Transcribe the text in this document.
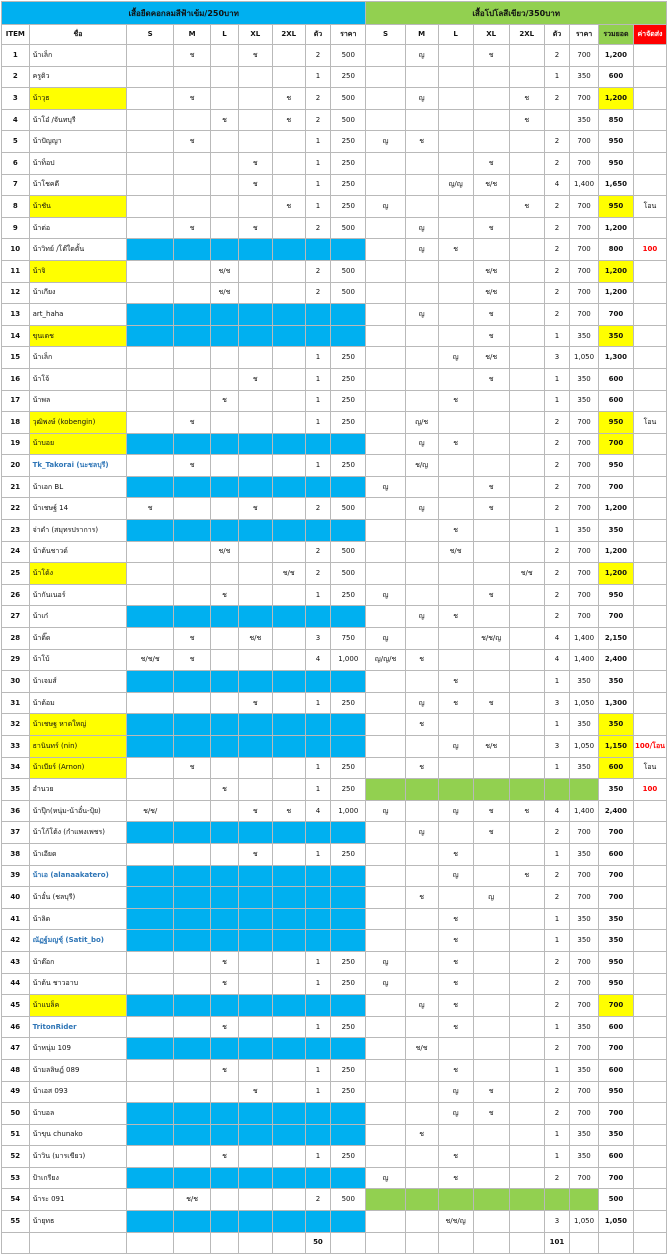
เสื้อยืดคอกลมสีฟ้าเข้ม/250บาท									เสื้อโปโลสีเขียว/350บาท								
ITEM	ชื่อ	S	M	L	XL	2XL	ตัว	ราคา	S	M	L	XL	2XL	ตัว	ราคา	รวมยอด	ค่าจัดส่ง
1	น้าเล็ก		ช		ช		2	500		ญ		ช		2	700	1,200	
2	ครูติว						1	250						1	350	600	
3	น้าวุธ		ช			ช	2	500		ญ			ช	2	700	1,200	
4	น้าโอ๋ /จันทบุรี			ช		ช	2	500					ช		350	850	
5	น้าปัญญา		ช				1	250	ญ	ช				2	700	950	
6	น้าท็อป				ช		1	250				ช		2	700	950	
7	น้าโชคดี				ช		1	250			ญ/ญ	ช/ช		4	1,400	1,650	
8	น้าชัน					ช	1	250	ญ				ช	2	700	950	โอน
9	น้าต่อ		ช		ช		2	500		ญ		ช		2	700	1,200	
10	น้าวิทย์ /โต๊ใดตั้น									ญ	ช			2	700	800	100
11	น้าจิ			ช/ช			2	500				ช/ช		2	700	1,200	
12	น้าเกียง			ช/ช			2	500				ช/ช		2	700	1,200	
13	art_haha									ญ		ช		2	700	700	
14	ขุนเดช											ช		1	350	350	
15	น้าเล็ก						1	250			ญ	ช/ช		3	1,050	1,300	
16	น้าโจ้				ช		1	250				ช		1	350	600	
17	น้าพล			ช			1	250			ช			1	350	600	
18	วุฒิพงษ์ (kobengin)		ช				1	250		ญ/ช				2	700	950	โอน
19	น้าบอย									ญ	ช			2	700	700	
20	Tk_Takorai (นะชลบุรี)		ช				1	250		ช/ญ				2	700	950	
21	น้าเอก BL								ญ			ช		2	700	700	
22	น้าเชษฐ์ 14	ช			ช		2	500		ญ		ช		2	700	1,200	
23	จ่าดำ (สมุทรปราการ)										ช			1	350	350	
24	น้าต้นชาวด์			ช/ช			2	500			ช/ช			2	700	1,200	
25	น้าโด้ง					ช/ช	2	500					ช/ช	2	700	1,200	
26	น้ากันเนอร์			ช			1	250	ญ			ช		2	700	950	
27	น้าเก๋									ญ	ช			2	700	700	
28	น้าติ๊ด		ช		ช/ช		3	750	ญ			ช/ช/ญ		4	1,400	2,150	
29	น้าโบ้	ช/ช/ช	ช				4	1,000	ญ/ญ/ช	ช				4	1,400	2,400	
30	น้าเจมส์										ช			1	350	350	
31	น้าต้อม				ช		1	250		ญ	ช	ช		3	1,050	1,300	
32	น้าเชษฐ หาดใหญ่									ช				1	350	350	
33	ธานินทร์ (nin)										ญ	ช/ช		3	1,050	1,150	100/โอน
34	น้าเบียร์ (Arnon)		ช				1	250		ช				1	350	600	โอน
35	อำนวย			ช			1	250								350	100
36	น้าปุ๊ก(หนุ่ม-น้าอั๋น-ปุ้ย)	ช/ช/			ช	ช	4	1,000	ญ		ญ	ช	ช	4	1,400	2,400	
37	น้าโก้โต้ง (กำแพงเพชร)									ญ		ช		2	700	700	
38	น้าเอียด				ช		1	250			ช			1	350	600	
39	น้าเอ (alanaakatero)										ญ		ช	2	700	700	
40	น้าอั๋น (ชลบุรี)									ช		ญ		2	700	700	
41	น้าลิด										ช			1	350	350	
42	ณัฏฐ์มญชุ์ (Satit_bo)										ช			1	350	350	
43	น้าต๊อก			ช			1	250	ญ		ช			2	700	950	
44	น้าต้น ชาวอาบ			ช			1	250	ญ		ช			2	700	950	
45	น้าแบล็ค									ญ	ช			2	700	700	
46	TritonRider			ช			1	250			ช			1	350	600	
47	น้าหนุ่ม 109									ช/ช				2	700	700	
48	น้ามลลิษฎ์ 089			ช			1	250			ช			1	350	600	
49	น้าเอส 093				ช		1	250			ญ	ช		2	700	950	
50	น้าบอล										ญ	ช		2	700	700	
51	น้าขุน chunako									ช				1	350	350	
52	น้าวิน (มารเขียว)			ช			1	250			ช			1	350	600	
53	ป้าเกรียง								ญ		ช			2	700	700	
54	น้าระ 091		ช/ช				2	500								500	
55	น้ายุทธ										ช/ช/ญ			3	1,050	1,050	
							50							101			
